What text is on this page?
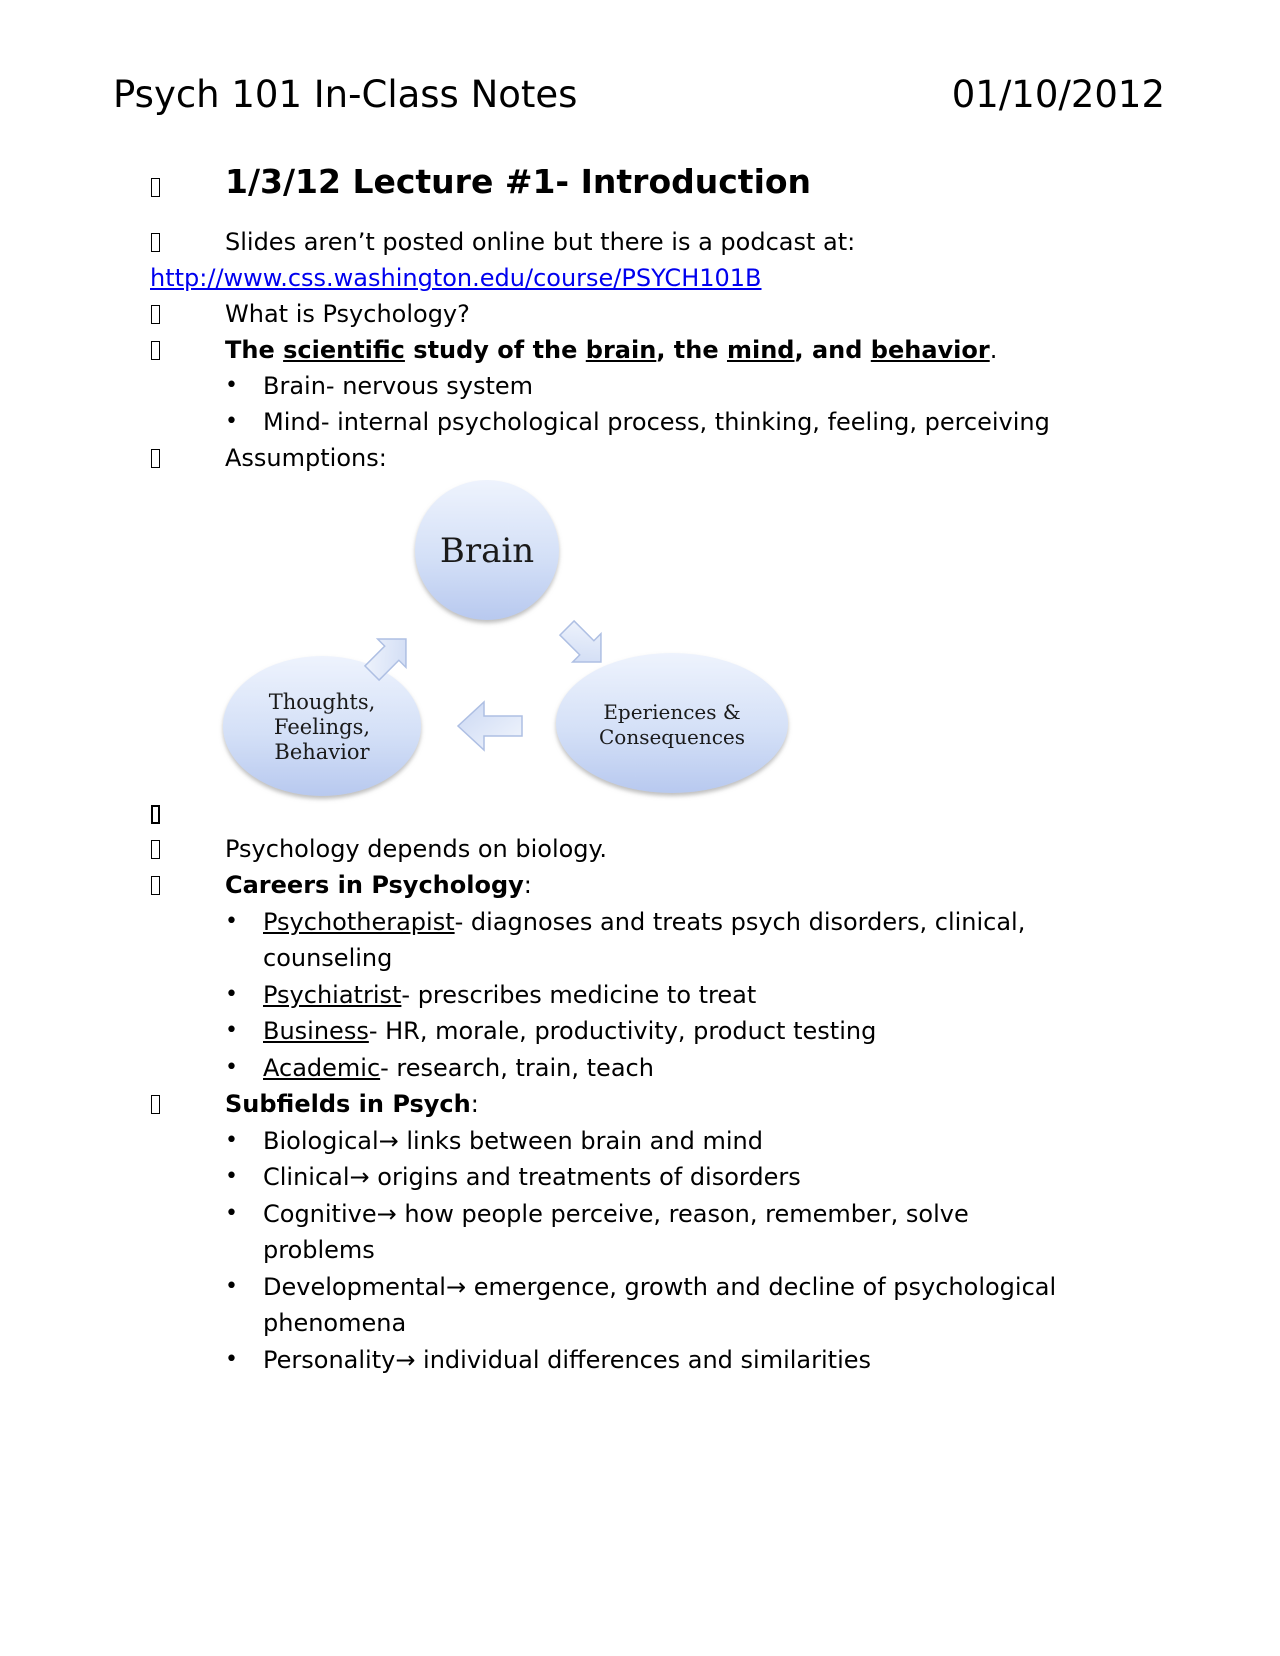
Psych 101 In-Class Notes	01/10/2012
1/3/12 Lecture #1- Introduction
Slides aren’t posted online but there is a podcast at:
http://www.css.washington.edu/course/PSYCH101B
What is Psychology?
The scientific study of the brain, the mind, and behavior.
• Brain- nervous system
• Mind- internal psychological process, thinking, feeling, perceiving
Assumptions:
Brain
Eperiences &
Consequences
Thoughts,
Feelings,
Behavior
Psychology depends on biology.
Careers in Psychology:
• Psychotherapist- diagnoses and treats psych disorders, clinical,
counseling
• Psychiatrist- prescribes medicine to treat
• Business- HR, morale, productivity, product testing
• Academic- research, train, teach
Subfields in Psych:
• Biological→ links between brain and mind
• Clinical→ origins and treatments of disorders
• Cognitive→ how people perceive, reason, remember, solve
problems
• Developmental→ emergence, growth and decline of psychological
phenomena
• Personality→ individual differences and similarities
